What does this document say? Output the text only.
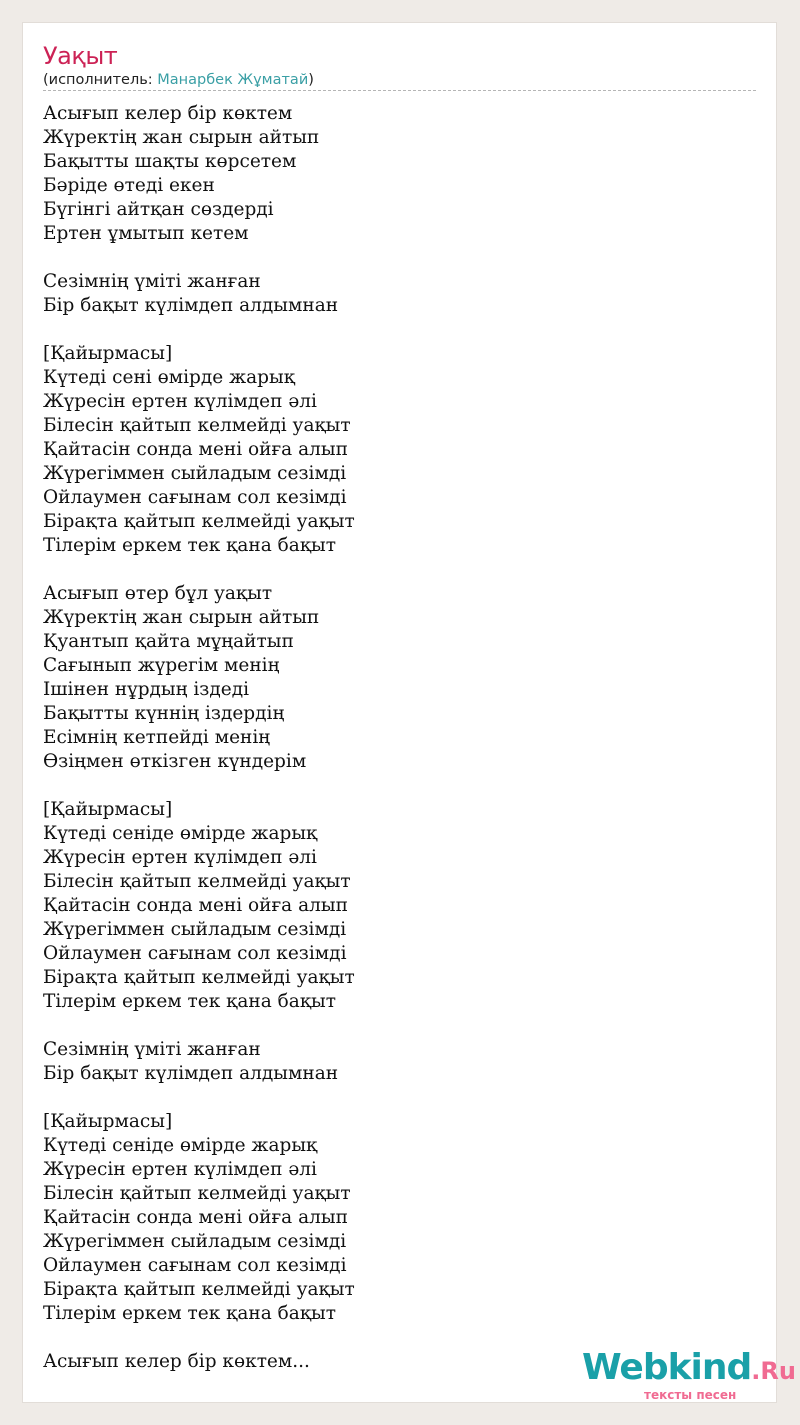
Уақыт
(исполнитель: Манарбек Жұматай)
Асығып келер бір көктем
Жүректің жан сырын айтып
Бақытты шақты көрсетем
Бәріде өтеді екен
Бүгінгі айтқан сөздерді
Ертен ұмытып кетем
Сезімнің үміті жанған
Бір бақыт күлімдеп алдымнан
[Қайырмасы]
Күтеді сені өмірде жарық
Жүресін ертен күлімдеп әлі
Білесін қайтып келмейді уақыт
Қайтасін сонда мені ойға алып
Жүрегіммен сыйладым сезімді
Ойлаумен сағынам сол кезімді
Бірақта қайтып келмейді уақыт
Тілерім еркем тек қана бақыт
Асығып өтер бұл уақыт
Жүректің жан сырын айтып
Қуантып қайта мұңайтып
Сағынып жүрегім менің
Ішінен нұрдың іздеді
Бақытты күннің іздердің
Есімнің кетпейді менің
Өзіңмен өткізген күндерім
[Қайырмасы]
Күтеді сеніде өмірде жарық
Жүресін ертен күлімдеп әлі
Білесін қайтып келмейді уақыт
Қайтасін сонда мені ойға алып
Жүрегіммен сыйладым сезімді
Ойлаумен сағынам сол кезімді
Бірақта қайтып келмейді уақыт
Тілерім еркем тек қана бақыт
Сезімнің үміті жанған
Бір бақыт күлімдеп алдымнан
[Қайырмасы]
Күтеді сеніде өмірде жарық
Жүресін ертен күлімдеп әлі
Білесін қайтып келмейді уақыт
Қайтасін сонда мені ойға алып
Жүрегіммен сыйладым сезімді
Ойлаумен сағынам сол кезімді
Бірақта қайтып келмейді уақыт
Тілерім еркем тек қана бақыт
Асығып келер бір көктем...	Webkind.Ru
тексты песен
